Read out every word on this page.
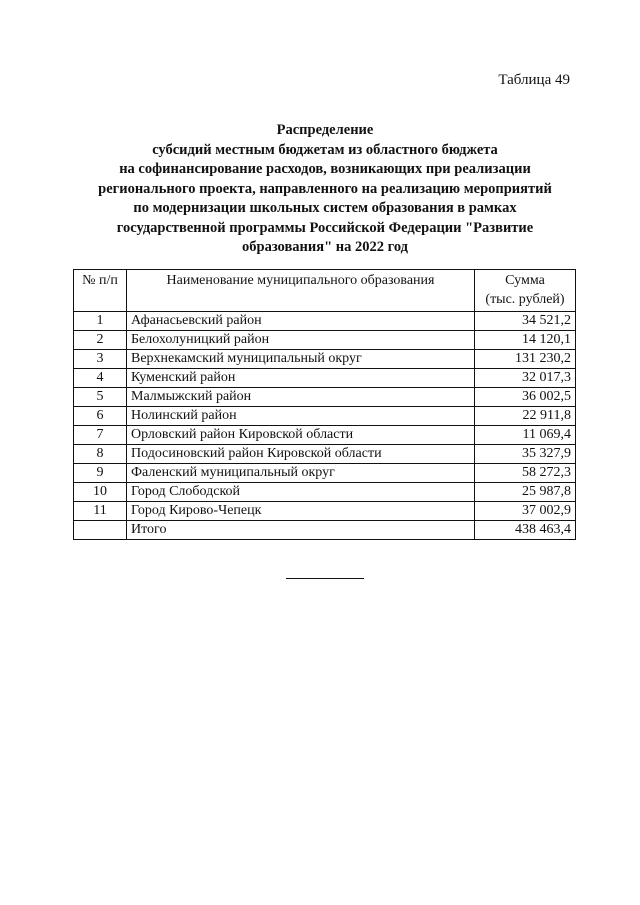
Таблица 49
Распределение
субсидий местным бюджетам из областного бюджета
на софинансирование расходов, возникающих при реализации
регионального проекта, направленного на реализацию мероприятий
по модернизации школьных систем образования в рамках
государственной программы Российской Федерации "Развитие
образования" на 2022 год
№ п/п	Наименование муниципального образования	Сумма
(тыс. рублей)

1	Афанасьевский район	34 521,2
2	Белохолуницкий район	14 120,1
3	Верхнекамский муниципальный округ	131 230,2
4	Куменский район	32 017,3
5	Малмыжский район	36 002,5
6	Нолинский район	22 911,8
7	Орловский район Кировской области	11 069,4
8	Подосиновский район Кировской области	35 327,9
9	Фаленский муниципальный округ	58 272,3
10	Город Слободской	25 987,8
11	Город Кирово-Чепецк	37 002,9
	Итого	438 463,4
